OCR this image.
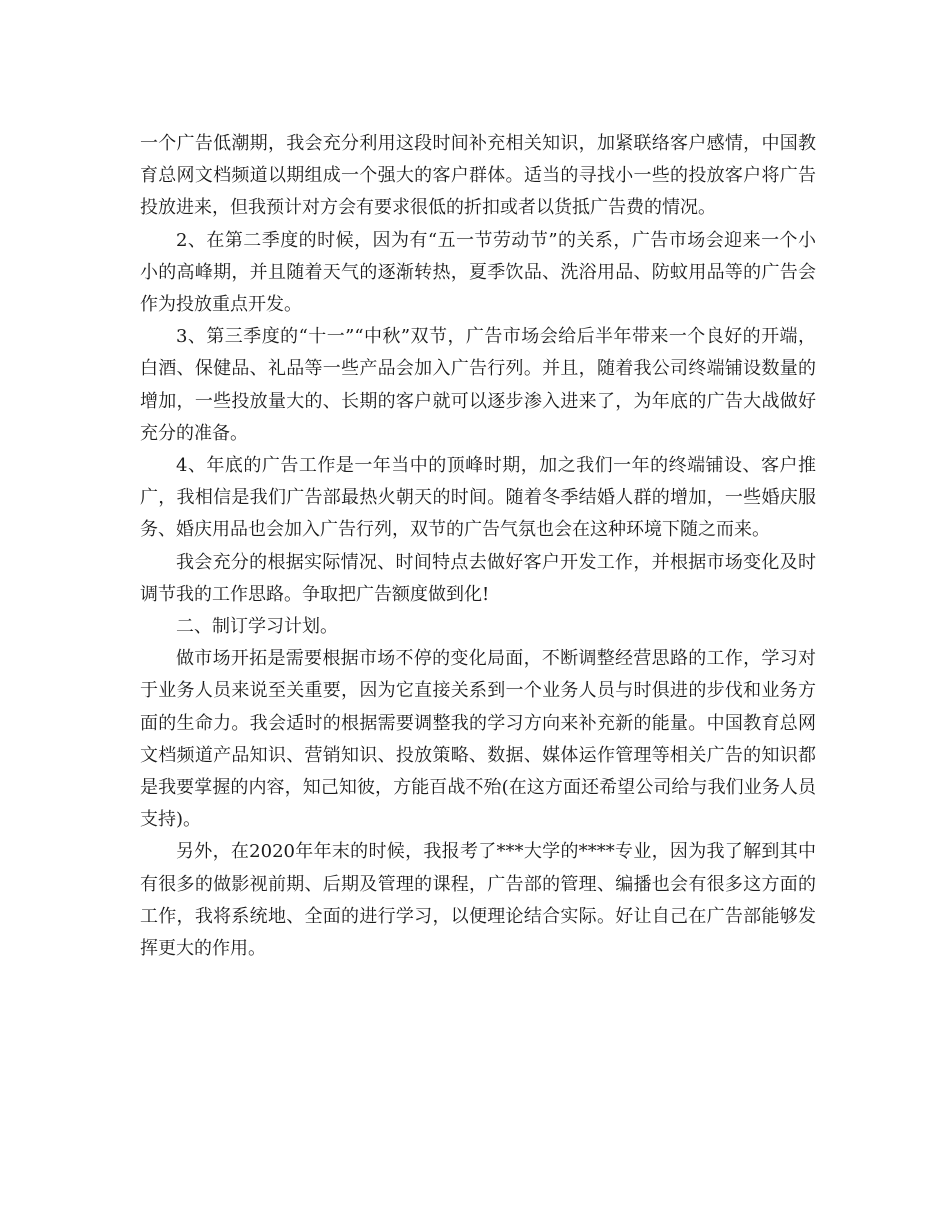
一个广告低潮期，我会充分利用这段时间补充相关知识，加紧联络客户感情，中国教育总网文档频道以期组成一个强大的客户群体。适当的寻找小一些的投放客户将广告投放进来，但我预计对方会有要求很低的折扣或者以货抵广告费的情况。

2、在第二季度的时候，因为有“五一节劳动节”的关系，广告市场会迎来一个小小的高峰期，并且随着天气的逐渐转热，夏季饮品、洗浴用品、防蚊用品等的广告会作为投放重点开发。

3、第三季度的“十一”“中秋”双节，广告市场会给后半年带来一个良好的开端，白酒、保健品、礼品等一些产品会加入广告行列。并且，随着我公司终端铺设数量的增加，一些投放量大的、长期的客户就可以逐步渗入进来了，为年底的广告大战做好充分的准备。

4、年底的广告工作是一年当中的顶峰时期，加之我们一年的终端铺设、客户推广，我相信是我们广告部最热火朝天的时间。随着冬季结婚人群的增加，一些婚庆服务、婚庆用品也会加入广告行列，双节的广告气氛也会在这种环境下随之而来。

我会充分的根据实际情况、时间特点去做好客户开发工作，并根据市场变化及时调节我的工作思路。争取把广告额度做到化!

二、制订学习计划。

做市场开拓是需要根据市场不停的变化局面，不断调整经营思路的工作，学习对于业务人员来说至关重要，因为它直接关系到一个业务人员与时俱进的步伐和业务方面的生命力。我会适时的根据需要调整我的学习方向来补充新的能量。中国教育总网文档频道产品知识、营销知识、投放策略、数据、媒体运作管理等相关广告的知识都是我要掌握的内容，知己知彼，方能百战不殆(在这方面还希望公司给与我们业务人员支持)。

另外，在2020年年末的时候，我报考了***大学的****专业，因为我了解到其中有很多的做影视前期、后期及管理的课程，广告部的管理、编播也会有很多这方面的工作，我将系统地、全面的进行学习，以便理论结合实际。好让自己在广告部能够发挥更大的作用。
